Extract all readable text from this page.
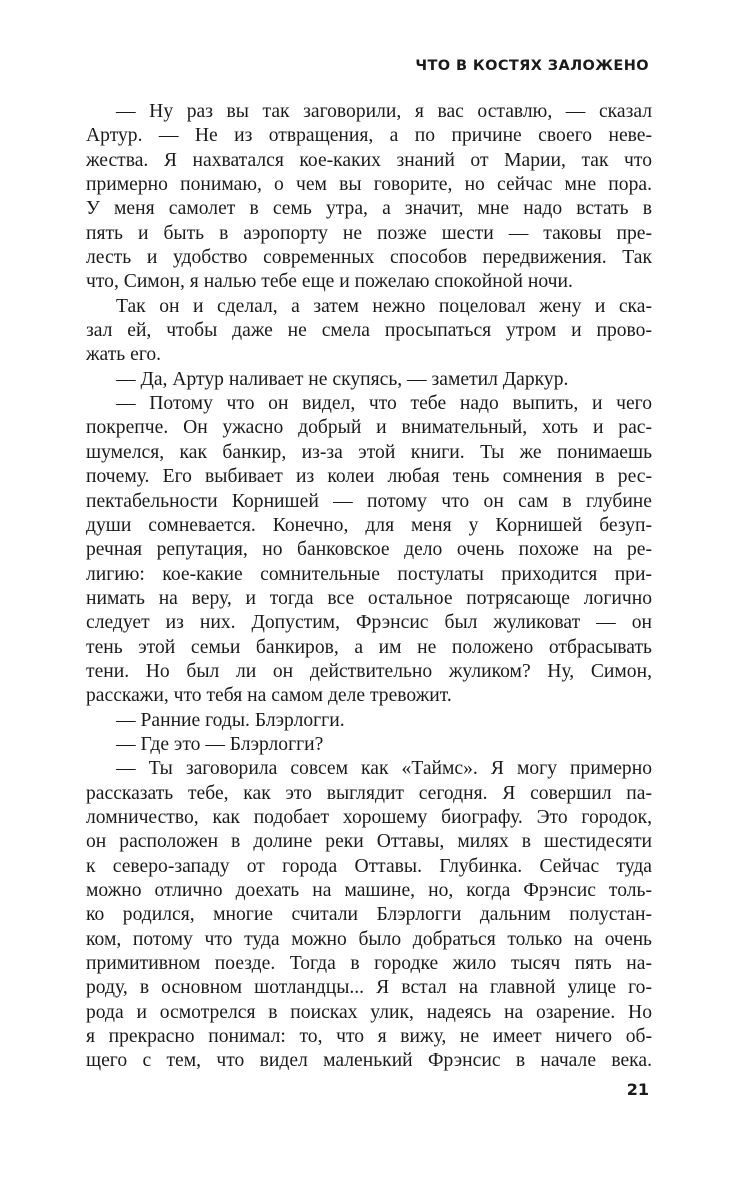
ЧТО В КОСТЯХ ЗАЛОЖЕНО
— Ну раз вы так заговорили, я вас оставлю, — сказал
Артур. — Не из отвращения, а по причине своего неве-
жества. Я нахватался кое-каких знаний от Марии, так что
примерно понимаю, о чем вы говорите, но сейчас мне пора.
У меня самолет в семь утра, а значит, мне надо встать в
пять и быть в аэропорту не позже шести — таковы пре-
лесть и удобство современных способов передвижения. Так
что, Симон, я налью тебе еще и пожелаю спокойной ночи.
Так он и сделал, а затем нежно поцеловал жену и ска-
зал ей, чтобы даже не смела просыпаться утром и прово-
жать его.
— Да, Артур наливает не скупясь, — заметил Даркур.
— Потому что он видел, что тебе надо выпить, и чего
покрепче. Он ужасно добрый и внимательный, хоть и рас-
шумелся, как банкир, из-за этой книги. Ты же понимаешь
почему. Его выбивает из колеи любая тень сомнения в рес-
пектабельности Корнишей — потому что он сам в глубине
души сомневается. Конечно, для меня у Корнишей безуп-
речная репутация, но банковское дело очень похоже на ре-
лигию: кое-какие сомнительные постулаты приходится при-
нимать на веру, и тогда все остальное потрясающе логично
следует из них. Допустим, Фрэнсис был жуликоват — он
тень этой семьи банкиров, а им не положено отбрасывать
тени. Но был ли он действительно жуликом? Ну, Симон,
расскажи, что тебя на самом деле тревожит.
— Ранние годы. Блэрлогги.
— Где это — Блэрлогги?
— Ты заговорила совсем как «Таймс». Я могу примерно
рассказать тебе, как это выглядит сегодня. Я совершил па-
ломничество, как подобает хорошему биографу. Это городок,
он расположен в долине реки Оттавы, милях в шестидесяти
к северо-западу от города Оттавы. Глубинка. Сейчас туда
можно отлично доехать на машине, но, когда Фрэнсис толь-
ко родился, многие считали Блэрлогги дальним полустан-
ком, потому что туда можно было добраться только на очень
примитивном поезде. Тогда в городке жило тысяч пять на-
роду, в основном шотландцы... Я встал на главной улице го-
рода и осмотрелся в поисках улик, надеясь на озарение. Но
я прекрасно понимал: то, что я вижу, не имеет ничего об-
щего с тем, что видел маленький Фрэнсис в начале века.
21
